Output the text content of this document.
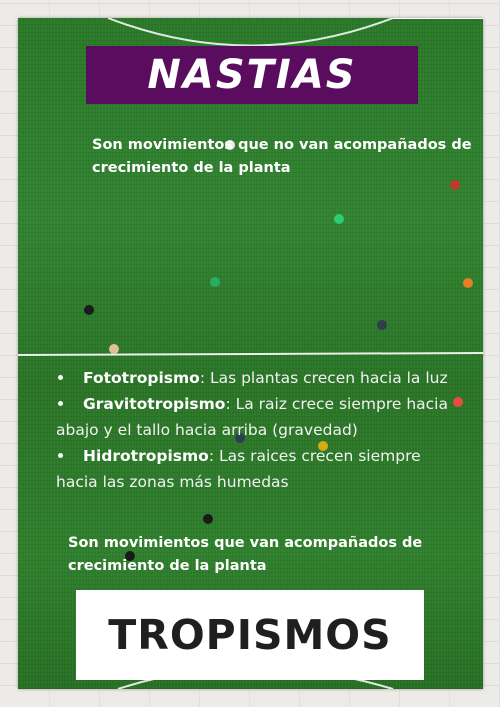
NASTIAS
Son movimientos que no van acompañados de crecimiento de la planta
Fototropismo: Las plantas crecen hacia la luz
Gravitotropismo: La raiz crece siempre hacia abajo y el tallo hacia arriba (gravedad)
Hidrotropismo: Las raices crecen siempre hacia las zonas más humedas
Son movimientos que van acompañados de crecimiento de la planta
TROPISMOS
